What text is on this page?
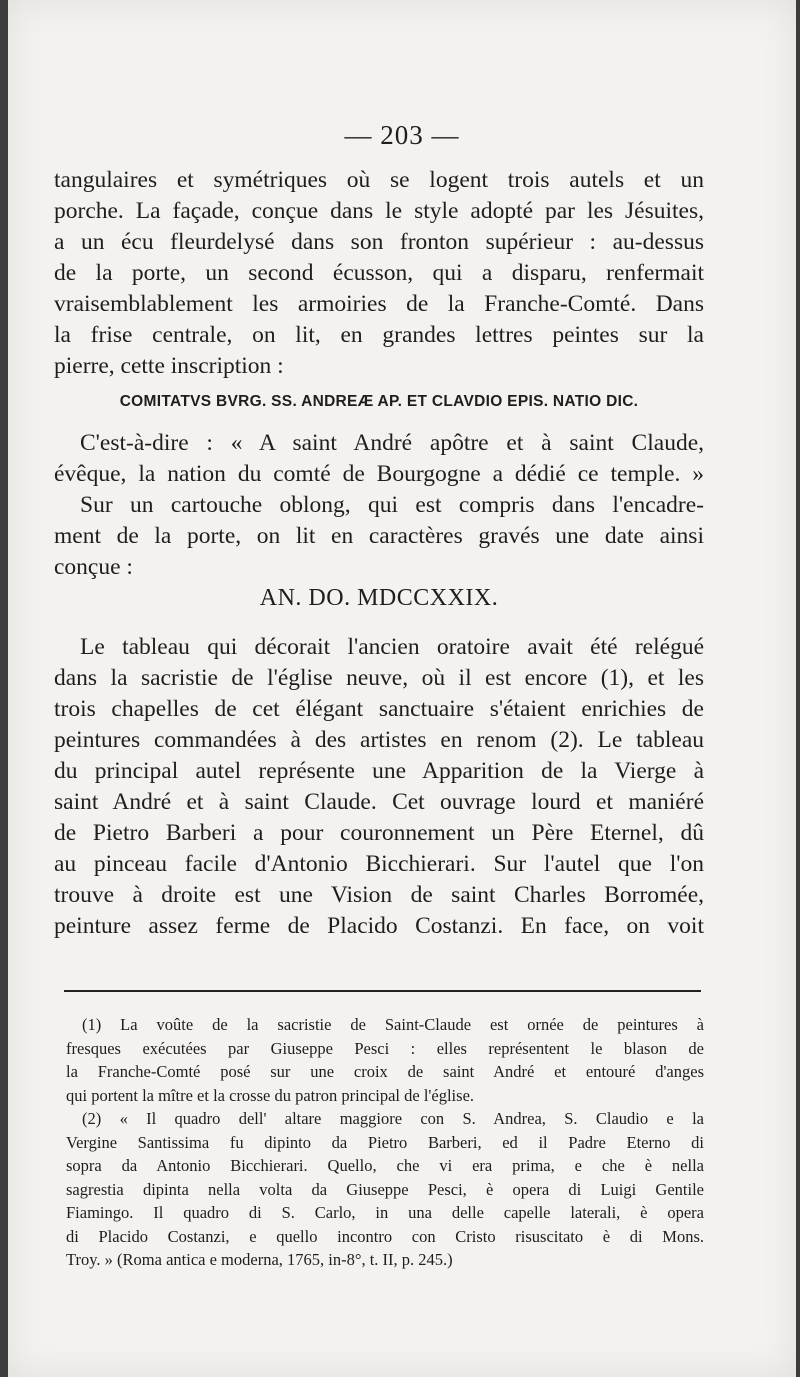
— 203 —
tangulaires et symétriques où se logent trois autels et un
porche. La façade, conçue dans le style adopté par les Jésuites,
a un écu fleurdelysé dans son fronton supérieur : au-dessus
de la porte, un second écusson, qui a disparu, renfermait
vraisemblablement les armoiries de la Franche-Comté. Dans
la frise centrale, on lit, en grandes lettres peintes sur la
pierre, cette inscription :
COMITATVS BVRG. SS. ANDREÆ AP. ET CLAVDIO EPIS. NATIO DIC.
C'est-à-dire : « A saint André apôtre et à saint Claude,
évêque, la nation du comté de Bourgogne a dédié ce temple. »
Sur un cartouche oblong, qui est compris dans l'encadre-
ment de la porte, on lit en caractères gravés une date ainsi
conçue :
AN. DO. MDCCXXIX.
Le tableau qui décorait l'ancien oratoire avait été relégué
dans la sacristie de l'église neuve, où il est encore (1), et les
trois chapelles de cet élégant sanctuaire s'étaient enrichies de
peintures commandées à des artistes en renom (2). Le tableau
du principal autel représente une Apparition de la Vierge à
saint André et à saint Claude. Cet ouvrage lourd et maniéré
de Pietro Barberi a pour couronnement un Père Eternel, dû
au pinceau facile d'Antonio Bicchierari. Sur l'autel que l'on
trouve à droite est une Vision de saint Charles Borromée,
peinture assez ferme de Placido Costanzi. En face, on voit
(1) La voûte de la sacristie de Saint-Claude est ornée de peintures à
fresques exécutées par Giuseppe Pesci : elles représentent le blason de
la Franche-Comté posé sur une croix de saint André et entouré d'anges
qui portent la mître et la crosse du patron principal de l'église.
(2) « Il quadro dell' altare maggiore con S. Andrea, S. Claudio e la
Vergine Santissima fu dipinto da Pietro Barberi, ed il Padre Eterno di
sopra da Antonio Bicchierari. Quello, che vi era prima, e che è nella
sagrestia dipinta nella volta da Giuseppe Pesci, è opera di Luigi Gentile
Fiamingo. Il quadro di S. Carlo, in una delle capelle laterali, è opera
di Placido Costanzi, e quello incontro con Cristo risuscitato è di Mons.
Troy. » (Roma antica e moderna, 1765, in-8°, t. II, p. 245.)
